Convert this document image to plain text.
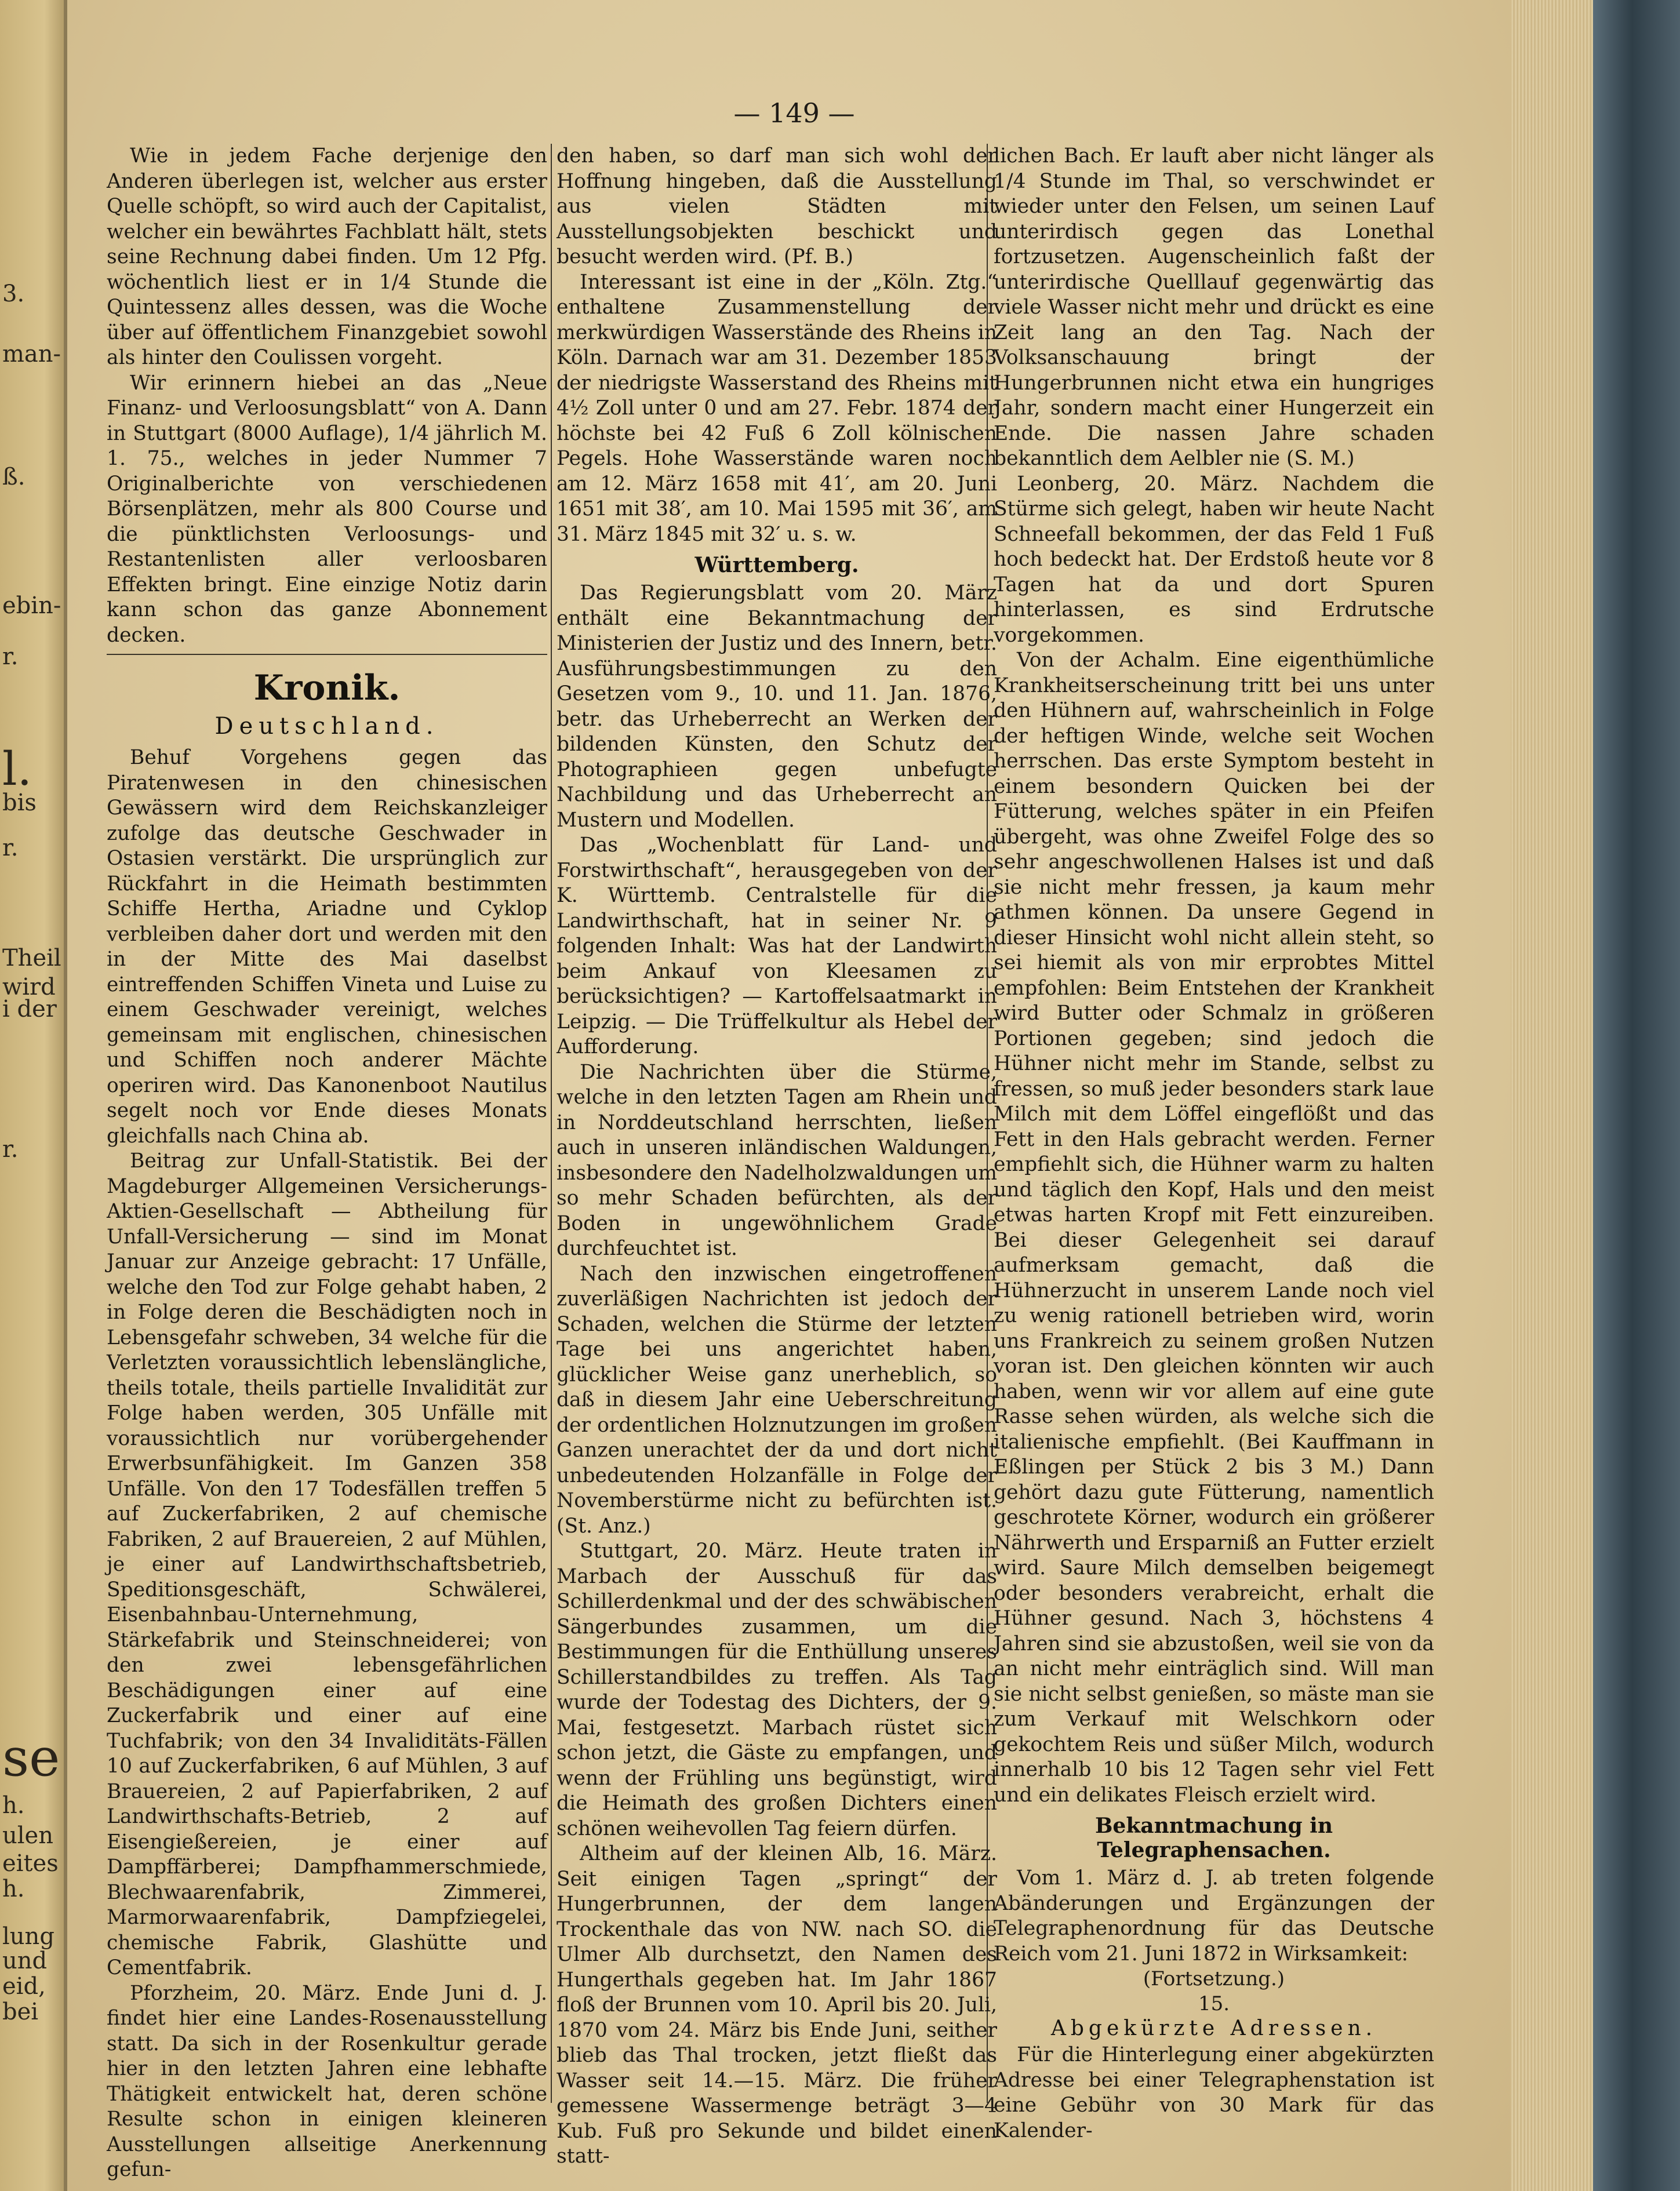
3.
man-
ß.
ebin-
r.
l.
bis
r.
Theil
wird
i der
r.
se
h.
ulen
eites
h.
lung
und
eid,
bei
— 149 —

Wie in jedem Fache derjenige den Anderen überlegen ist, welcher aus erster Quelle schöpft, so wird auch der Capitalist, welcher ein bewährtes Fachblatt hält, stets seine Rechnung dabei finden. Um 12 Pfg. wöchentlich liest er in 1/4 Stunde die Quintessenz alles dessen, was die Woche über auf öffentlichem Finanzgebiet sowohl als hinter den Coulissen vorgeht.

Wir erinnern hiebei an das „Neue Finanz- und Verloosungsblatt“ von A. Dann in Stuttgart (8000 Auflage), 1/4 jährlich M. 1. 75., welches in jeder Nummer 7 Originalberichte von verschiedenen Börsenplätzen, mehr als 800 Course und die pünktlichsten Verloosungs- und Restantenlisten aller verloosbaren Effekten bringt. Eine einzige Notiz darin kann schon das ganze Abonnement decken.

Kronik.
Deutschland.

Behuf Vorgehens gegen das Piratenwesen in den chinesischen Gewässern wird dem Reichskanzleiger zufolge das deutsche Geschwader in Ostasien verstärkt. Die ursprünglich zur Rückfahrt in die Heimath bestimmten Schiffe Hertha, Ariadne und Cyklop verbleiben daher dort und werden mit den in der Mitte des Mai daselbst eintreffenden Schiffen Vineta und Luise zu einem Geschwader vereinigt, welches gemeinsam mit englischen, chinesischen und Schiffen noch anderer Mächte operiren wird. Das Kanonenboot Nautilus segelt noch vor Ende dieses Monats gleichfalls nach China ab.

Beitrag zur Unfall-Statistik. Bei der Magdeburger Allgemeinen Versicherungs-Aktien-Gesellschaft — Abtheilung für Unfall-Versicherung — sind im Monat Januar zur Anzeige gebracht: 17 Unfälle, welche den Tod zur Folge gehabt haben, 2 in Folge deren die Beschädigten noch in Lebensgefahr schweben, 34 welche für die Verletzten voraussichtlich lebenslängliche, theils totale, theils partielle Invalidität zur Folge haben werden, 305 Unfälle mit voraussichtlich nur vorübergehender Erwerbsunfähigkeit. Im Ganzen 358 Unfälle. Von den 17 Todesfällen treffen 5 auf Zuckerfabriken, 2 auf chemische Fabriken, 2 auf Brauereien, 2 auf Mühlen, je einer auf Landwirthschaftsbetrieb, Speditionsgeschäft, Schwälerei, Eisenbahnbau-Unternehmung, Stärkefabrik und Steinschneiderei; von den zwei lebensgefährlichen Beschädigungen einer auf eine Zuckerfabrik und einer auf eine Tuchfabrik; von den 34 Invaliditäts-Fällen 10 auf Zuckerfabriken, 6 auf Mühlen, 3 auf Brauereien, 2 auf Papierfabriken, 2 auf Landwirthschafts-Betrieb, 2 auf Eisengießereien, je einer auf Dampffärberei; Dampfhammerschmiede, Blechwaarenfabrik, Zimmerei, Marmorwaarenfabrik, Dampfziegelei, chemische Fabrik, Glashütte und Cementfabrik.

Pforzheim, 20. März. Ende Juni d. J. findet hier eine Landes-Rosenausstellung statt. Da sich in der Rosenkultur gerade hier in den letzten Jahren eine lebhafte Thätigkeit entwickelt hat, deren schöne Resulte schon in einigen kleineren Ausstellungen allseitige Anerkennung gefun-

den haben, so darf man sich wohl der Hoffnung hingeben, daß die Ausstellung aus vielen Städten mit Ausstellungsobjekten beschickt und besucht werden wird. (Pf. B.)

Interessant ist eine in der „Köln. Ztg.“ enthaltene Zusammenstellung der merkwürdigen Wasserstände des Rheins in Köln. Darnach war am 31. Dezember 1853 der niedrigste Wasserstand des Rheins mit 4½ Zoll unter 0 und am 27. Febr. 1874 der höchste bei 42 Fuß 6 Zoll kölnischen Pegels. Hohe Wasserstände waren noch am 12. März 1658 mit 41′, am 20. Juni 1651 mit 38′, am 10. Mai 1595 mit 36′, am 31. März 1845 mit 32′ u. s. w.

Württemberg.

Das Regierungsblatt vom 20. März enthält eine Bekanntmachung der Ministerien der Justiz und des Innern, betr. Ausführungsbestimmungen zu den Gesetzen vom 9., 10. und 11. Jan. 1876, betr. das Urheberrecht an Werken der bildenden Künsten, den Schutz der Photographieen gegen unbefugte Nachbildung und das Urheberrecht an Mustern und Modellen.

Das „Wochenblatt für Land- und Forstwirthschaft“, herausgegeben von der K. Württemb. Centralstelle für die Landwirthschaft, hat in seiner Nr. 9 folgenden Inhalt: Was hat der Landwirth beim Ankauf von Kleesamen zu berücksichtigen? — Kartoffelsaatmarkt in Leipzig. — Die Trüffelkultur als Hebel der Aufforderung.

Die Nachrichten über die Stürme, welche in den letzten Tagen am Rhein und in Norddeutschland herrschten, ließen auch in unseren inländischen Waldungen, insbesondere den Nadelholzwaldungen um so mehr Schaden befürchten, als der Boden in ungewöhnlichem Grade durchfeuchtet ist.

Nach den inzwischen eingetroffenen zuverläßigen Nachrichten ist jedoch der Schaden, welchen die Stürme der letzten Tage bei uns angerichtet haben, glücklicher Weise ganz unerheblich, so daß in diesem Jahr eine Ueberschreitung der ordentlichen Holznutzungen im großen Ganzen unerachtet der da und dort nicht unbedeutenden Holzanfälle in Folge der Novemberstürme nicht zu befürchten ist. (St. Anz.)

Stuttgart, 20. März. Heute traten in Marbach der Ausschuß für das Schillerdenkmal und der des schwäbischen Sängerbundes zusammen, um die Bestimmungen für die Enthüllung unseres Schillerstandbildes zu treffen. Als Tag wurde der Todestag des Dichters, der 9. Mai, festgesetzt. Marbach rüstet sich schon jetzt, die Gäste zu empfangen, und wenn der Frühling uns begünstigt, wird die Heimath des großen Dichters einen schönen weihevollen Tag feiern dürfen.

Altheim auf der kleinen Alb, 16. März. Seit einigen Tagen „springt“ der Hungerbrunnen, der dem langen Trockenthale das von NW. nach SO. die Ulmer Alb durchsetzt, den Namen des Hungerthals gegeben hat. Im Jahr 1867 floß der Brunnen vom 10. April bis 20. Juli, 1870 vom 24. März bis Ende Juni, seither blieb das Thal trocken, jetzt fließt das Wasser seit 14.—15. März. Die früher gemessene Wassermenge beträgt 3—4 Kub. Fuß pro Sekunde und bildet einen statt-

lichen Bach. Er lauft aber nicht länger als 1/4 Stunde im Thal, so verschwindet er wieder unter den Felsen, um seinen Lauf unterirdisch gegen das Lonethal fortzusetzen. Augenscheinlich faßt der unterirdische Quelllauf gegenwärtig das viele Wasser nicht mehr und drückt es eine Zeit lang an den Tag. Nach der Volksanschauung bringt der Hungerbrunnen nicht etwa ein hungriges Jahr, sondern macht einer Hungerzeit ein Ende. Die nassen Jahre schaden bekanntlich dem Aelbler nie (S. M.)

Leonberg, 20. März. Nachdem die Stürme sich gelegt, haben wir heute Nacht Schneefall bekommen, der das Feld 1 Fuß hoch bedeckt hat. Der Erdstoß heute vor 8 Tagen hat da und dort Spuren hinterlassen, es sind Erdrutsche vorgekommen.

Von der Achalm. Eine eigenthümliche Krankheitserscheinung tritt bei uns unter den Hühnern auf, wahrscheinlich in Folge der heftigen Winde, welche seit Wochen herrschen. Das erste Symptom besteht in einem besondern Quicken bei der Fütterung, welches später in ein Pfeifen übergeht, was ohne Zweifel Folge des so sehr angeschwollenen Halses ist und daß sie nicht mehr fressen, ja kaum mehr athmen können. Da unsere Gegend in dieser Hinsicht wohl nicht allein steht, so sei hiemit als von mir erprobtes Mittel empfohlen: Beim Entstehen der Krankheit wird Butter oder Schmalz in größeren Portionen gegeben; sind jedoch die Hühner nicht mehr im Stande, selbst zu fressen, so muß jeder besonders stark laue Milch mit dem Löffel eingeflößt und das Fett in den Hals gebracht werden. Ferner empfiehlt sich, die Hühner warm zu halten und täglich den Kopf, Hals und den meist etwas harten Kropf mit Fett einzureiben. Bei dieser Gelegenheit sei darauf aufmerksam gemacht, daß die Hühnerzucht in unserem Lande noch viel zu wenig rationell betrieben wird, worin uns Frankreich zu seinem großen Nutzen voran ist. Den gleichen könnten wir auch haben, wenn wir vor allem auf eine gute Rasse sehen würden, als welche sich die italienische empfiehlt. (Bei Kauffmann in Eßlingen per Stück 2 bis 3 M.) Dann gehört dazu gute Fütterung, namentlich geschrotete Körner, wodurch ein größerer Nährwerth und Ersparniß an Futter erzielt wird. Saure Milch demselben beigemegt oder besonders verabreicht, erhalt die Hühner gesund. Nach 3, höchstens 4 Jahren sind sie abzustoßen, weil sie von da an nicht mehr einträglich sind. Will man sie nicht selbst genießen, so mäste man sie zum Verkauf mit Welschkorn oder gekochtem Reis und süßer Milch, wodurch innerhalb 10 bis 12 Tagen sehr viel Fett und ein delikates Fleisch erzielt wird.

Bekanntmachung in Telegraphensachen.

Vom 1. März d. J. ab treten folgende Abänderungen und Ergänzungen der Telegraphenordnung für das Deutsche Reich vom 21. Juni 1872 in Wirksamkeit:

(Fortsetzung.)
15.
Abgekürzte Adressen.

Für die Hinterlegung einer abgekürzten Adresse bei einer Telegraphenstation ist eine Gebühr von 30 Mark für das Kalender-
